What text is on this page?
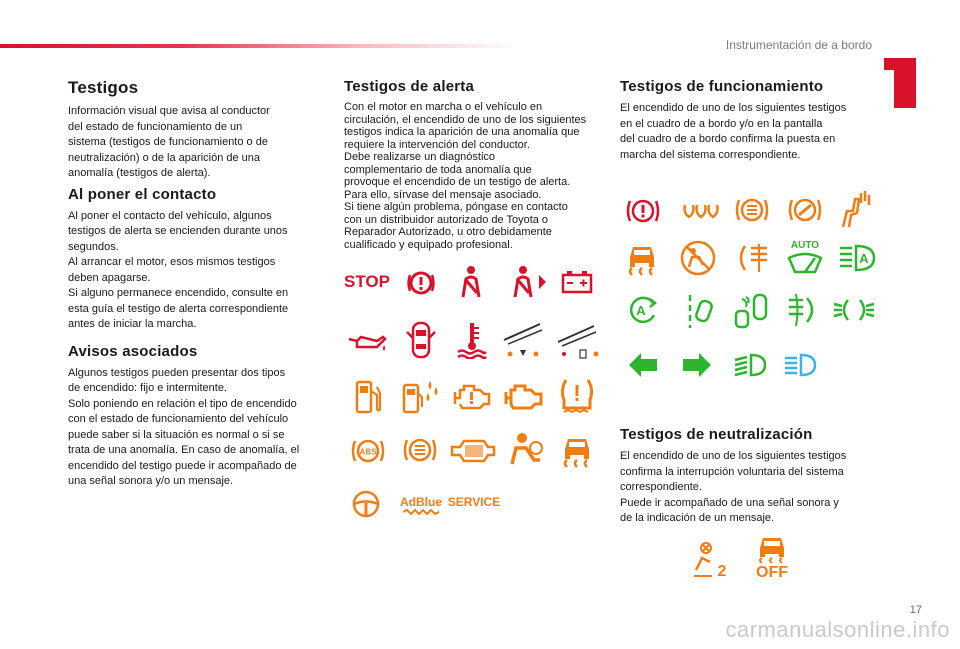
Instrumentación de a bordo
17
Testigos
Información visual que avisa al conductor
del estado de funcionamiento de un
sistema (testigos de funcionamiento o de
neutralización) o de la aparición de una
anomalía (testigos de alerta).
Al poner el contacto
Al poner el contacto del vehículo, algunos
testigos de alerta se encienden durante unos
segundos.
Al arrancar el motor, esos mismos testigos
deben apagarse.
Si alguno permanece encendido, consulte en
esta guía el testigo de alerta correspondiente
antes de iniciar la marcha.
Avisos asociados
Algunos testigos pueden presentar dos tipos
de encendido: fijo e intermitente.
Solo poniendo en relación el tipo de encendido
con el estado de funcionamiento del vehículo
puede saber si la situación es normal o si se
trata de una anomalía. En caso de anomalía, el
encendido del testigo puede ir acompañado de
una señal sonora y/o un mensaje.
Testigos de alerta
Con el motor en marcha o el vehículo en
circulación, el encendido de uno de los siguientes
testigos indica la aparición de una anomalía que
requiere la intervención del conductor.
Debe realizarse un diagnóstico
complementario de toda anomalía que
provoque el encendido de un testigo de alerta.
Para ello, sírvase del mensaje asociado.
Si tiene algún problema, póngase en contacto
con un distribuidor autorizado de Toyota o
Reparador Autorizado, u otro debidamente
cualificado y equipado profesional.
STOP
ABS
AdBlue SERVICE
Testigos de funcionamiento
El encendido de uno de los siguientes testigos
en el cuadro de a bordo y/o en la pantalla
del cuadro de a bordo confirma la puesta en
marcha del sistema correspondiente.
AUTO
A
A
Testigos de neutralización
El encendido de uno de los siguientes testigos
confirma la interrupción voluntaria del sistema
correspondiente.
Puede ir acompañado de una señal sonora y
de la indicación de un mensaje.
2 OFF
carmanualsonline.info
